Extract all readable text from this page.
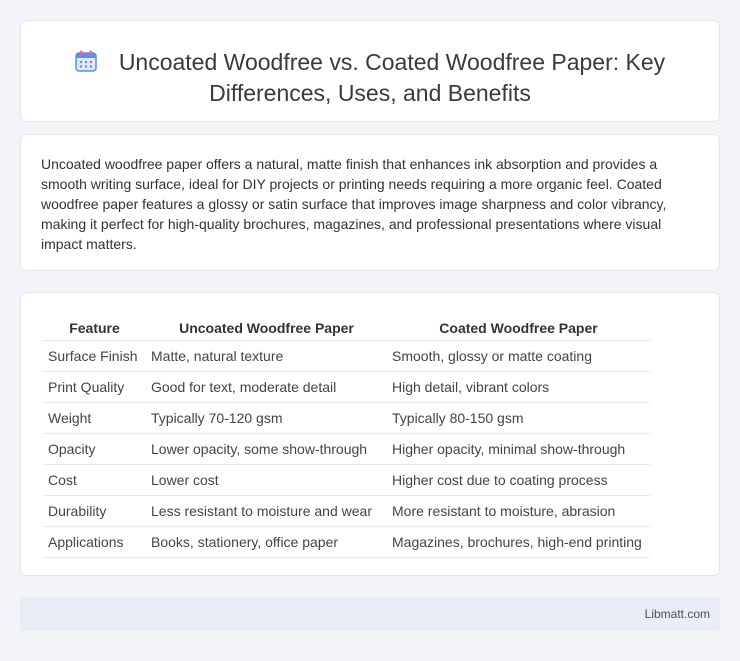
Uncoated Woodfree vs. Coated Woodfree Paper: Key Differences, Uses, and Benefits

Uncoated woodfree paper offers a natural, matte finish that enhances ink absorption and provides a smooth writing surface, ideal for DIY projects or printing needs requiring a more organic feel. Coated woodfree paper features a glossy or satin surface that improves image sharpness and color vibrancy, making it perfect for high-quality brochures, magazines, and professional presentations where visual impact matters.

Feature	Uncoated Woodfree Paper	Coated Woodfree Paper
Surface Finish	Matte, natural texture	Smooth, glossy or matte coating
Print Quality	Good for text, moderate detail	High detail, vibrant colors
Weight	Typically 70-120 gsm	Typically 80-150 gsm
Opacity	Lower opacity, some show-through	Higher opacity, minimal show-through
Cost	Lower cost	Higher cost due to coating process
Durability	Less resistant to moisture and wear	More resistant to moisture, abrasion
Applications	Books, stationery, office paper	Magazines, brochures, high-end printing
Libmatt.com
